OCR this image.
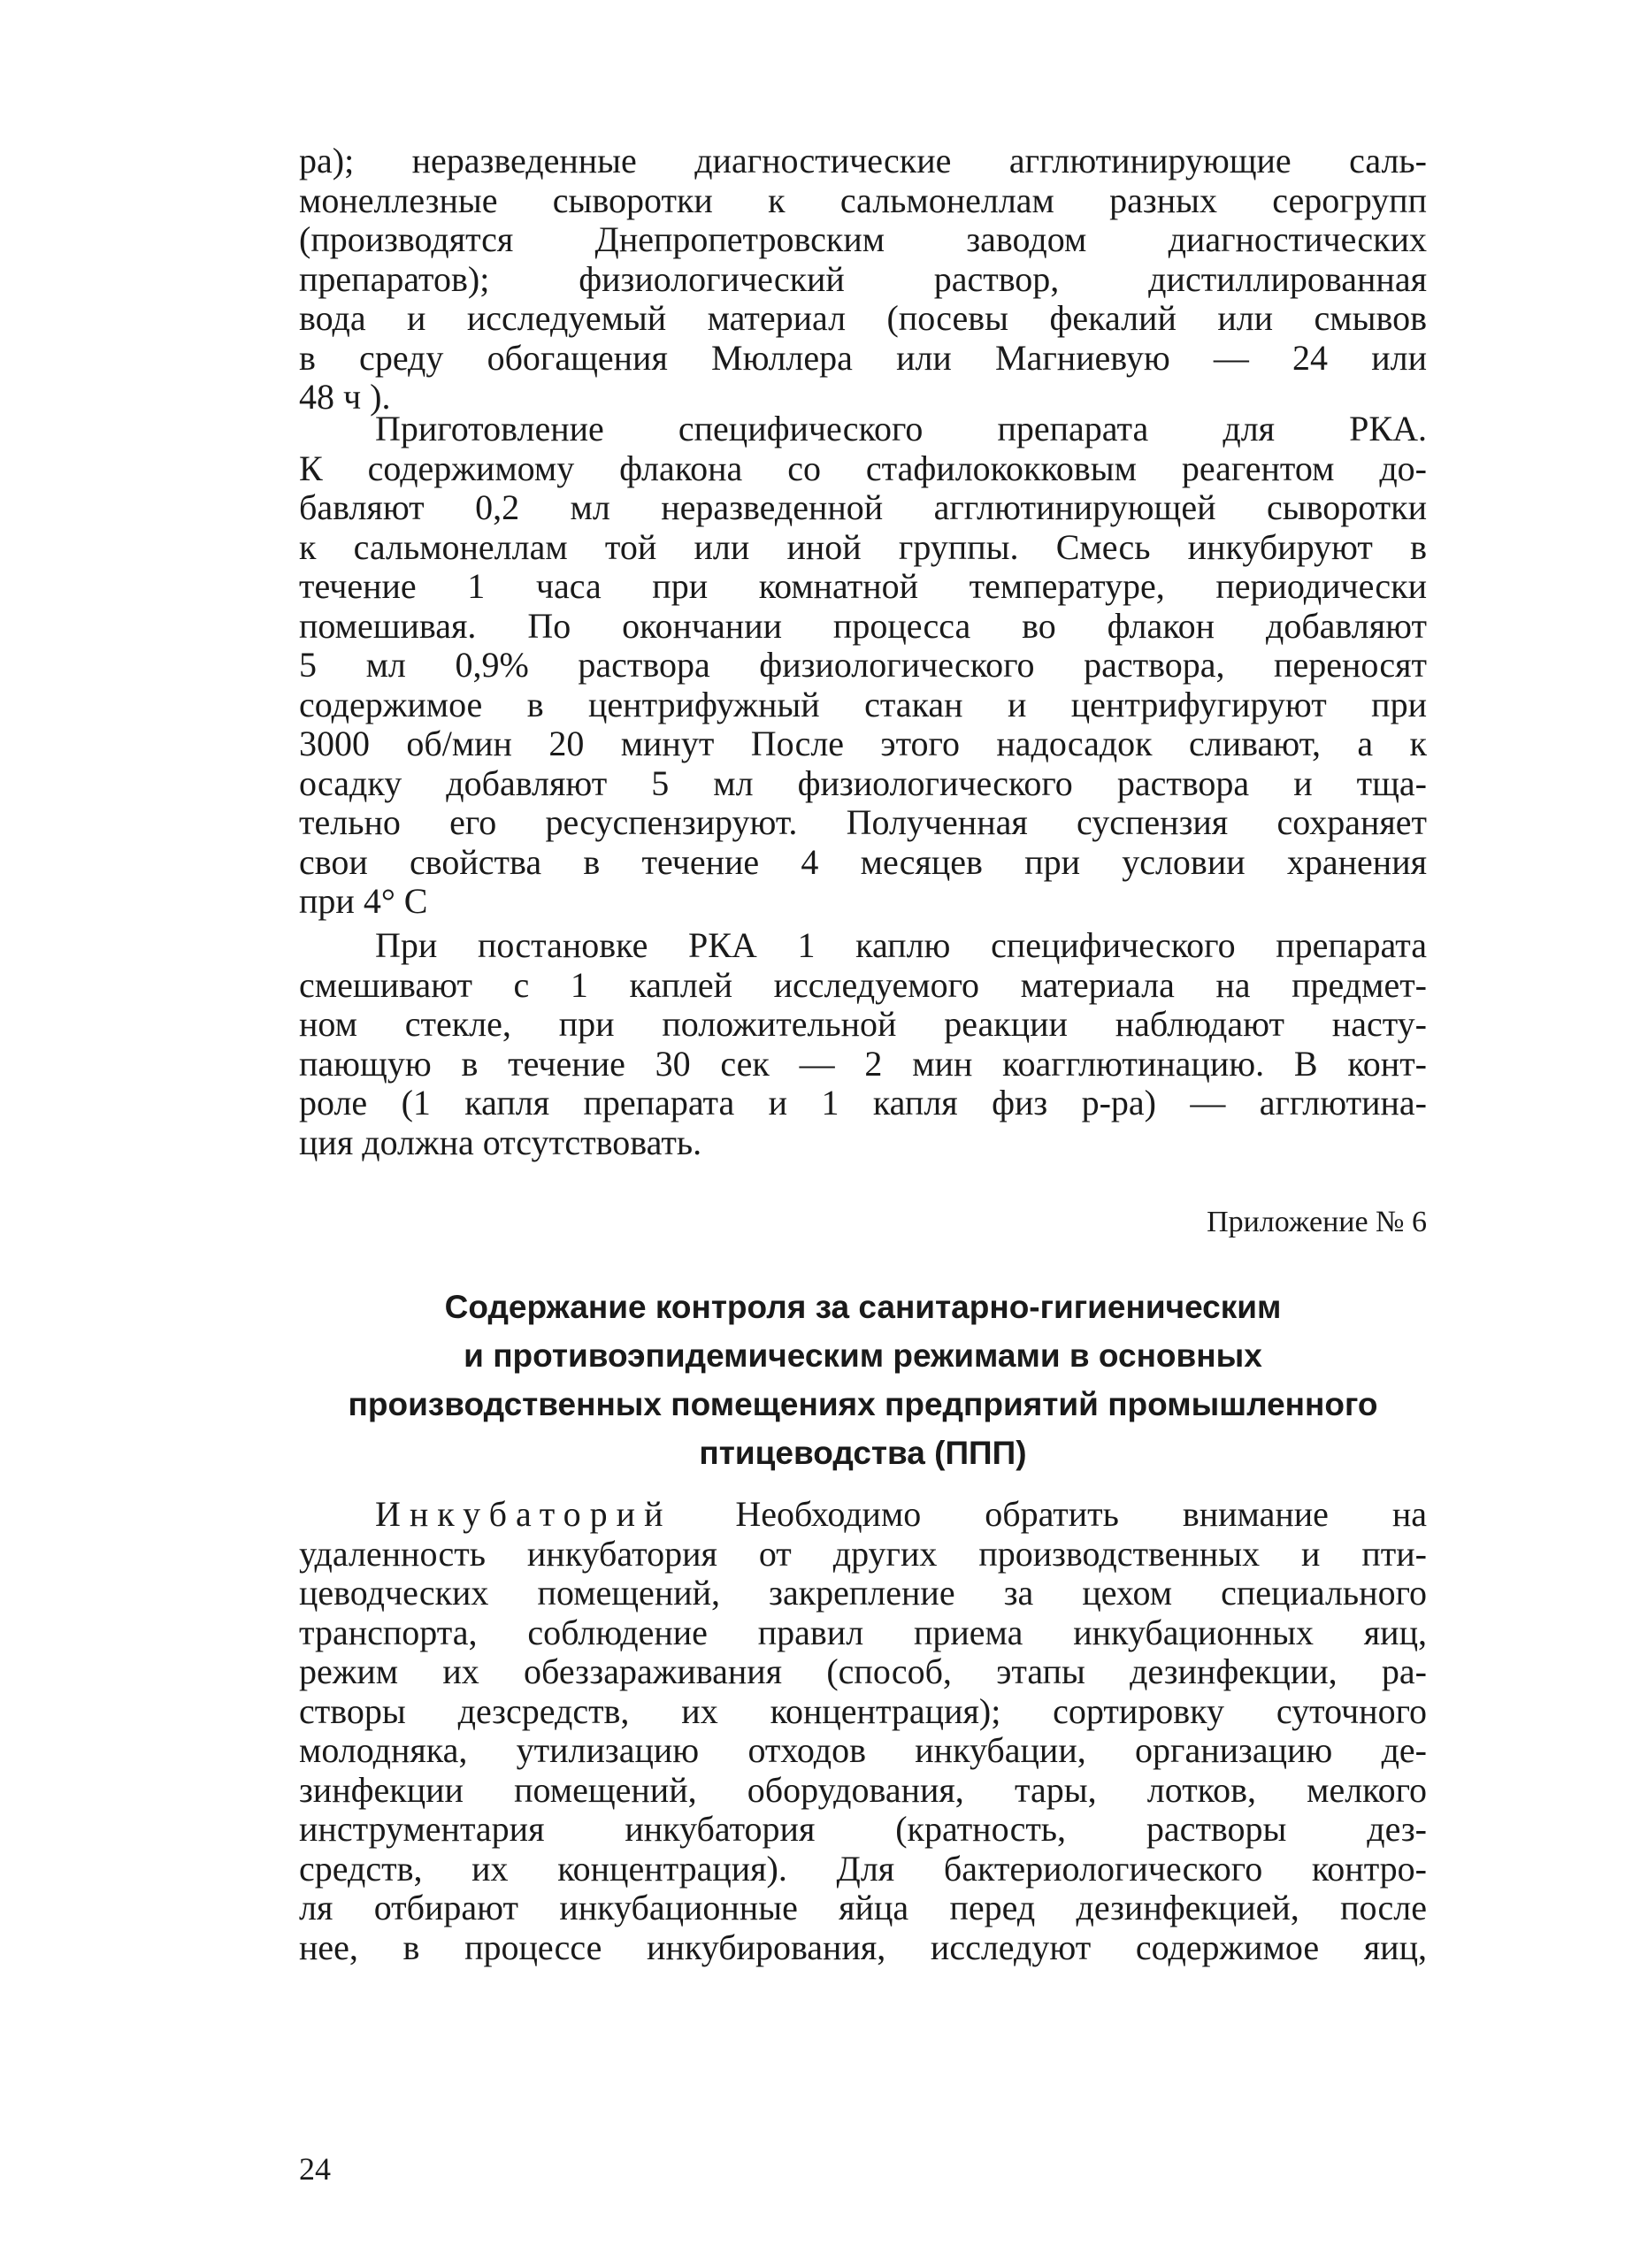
ра); неразведенные диагностические агглютинирующие саль-
монеллезные сыворотки к сальмонеллам разных серогрупп
(производятся Днепропетровским заводом диагностических
препаратов); физиологический раствор, дистиллированная
вода и исследуемый материал (посевы фекалий или смывов
в среду обогащения Мюллера или Магниевую — 24 или
48 ч ).
Приготовление специфического препарата для РКА.
К содержимому флакона со стафилококковым реагентом до-
бавляют 0,2 мл неразведенной агглютинирующей сыворотки
к сальмонеллам той или иной группы. Смесь инкубируют в
течение 1 часа при комнатной температуре, периодически
помешивая. По окончании процесса во флакон добавляют
5 мл 0,9% раствора физиологического раствора, переносят
содержимое в центрифужный стакан и центрифугируют при
3000 об/мин 20 минут После этого надосадок сливают, а к
осадку добавляют 5 мл физиологического раствора и тща-
тельно его ресуспензируют. Полученная суспензия сохраняет
свои свойства в течение 4 месяцев при условии хранения
при 4° С
При постановке РКА 1 каплю специфического препарата
смешивают с 1 каплей исследуемого материала на предмет-
ном стекле, при положительной реакции наблюдают насту-
пающую в течение 30 сек — 2 мин коагглютинацию. В конт-
роле (1 капля препарата и 1 капля физ р-ра) — агглютина-
ция должна отсутствовать.

Приложение № 6

Содержание контроля за санитарно-гигиеническим
и противоэпидемическим режимами в основных
производственных помещениях предприятий промышленного
птицеводства (ППП)
Инкубаторий Необходимо обратить внимание на
удаленность инкубатория от других производственных и пти-
цеводческих помещений, закрепление за цехом специального
транспорта, соблюдение правил приема инкубационных яиц,
режим их обеззараживания (способ, этапы дезинфекции, ра-
створы дезсредств, их концентрация); сортировку суточного
молодняка, утилизацию отходов инкубации, организацию де-
зинфекции помещений, оборудования, тары, лотков, мелкого
инструментария инкубатория (кратность, растворы дез-
средств, их концентрация). Для бактериологического контро-
ля отбирают инкубационные яйца перед дезинфекцией, после
нее, в процессе инкубирования, исследуют содержимое яиц,

24
